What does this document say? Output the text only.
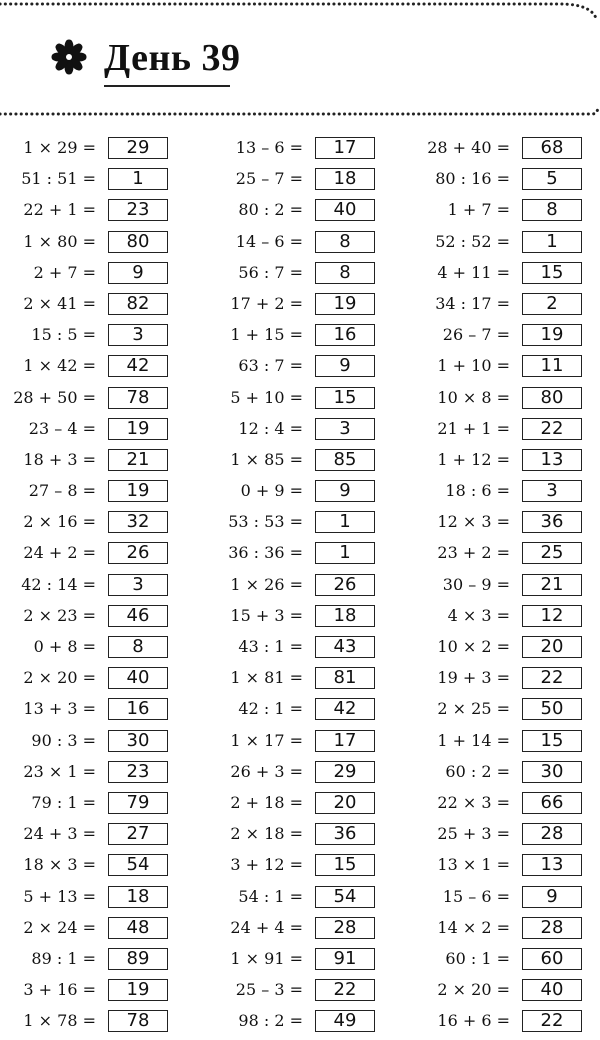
День 39
1 × 29 =	29
51 : 51 =	1
22 + 1 =	23
1 × 80 =	80
2 + 7 =	9
2 × 41 =	82
15 : 5 =	3
1 × 42 =	42
28 + 50 =	78
23 – 4 =	19
18 + 3 =	21
27 – 8 =	19
2 × 16 =	32
24 + 2 =	26
42 : 14 =	3
2 × 23 =	46
0 + 8 =	8
2 × 20 =	40
13 + 3 =	16
90 : 3 =	30
23 × 1 =	23
79 : 1 =	79
24 + 3 =	27
18 × 3 =	54
5 + 13 =	18
2 × 24 =	48
89 : 1 =	89
3 + 16 =	19
1 × 78 =	78
13 – 6 =	17
25 – 7 =	18
80 : 2 =	40
14 – 6 =	8
56 : 7 =	8
17 + 2 =	19
1 + 15 =	16
63 : 7 =	9
5 + 10 =	15
12 : 4 =	3
1 × 85 =	85
0 + 9 =	9
53 : 53 =	1
36 : 36 =	1
1 × 26 =	26
15 + 3 =	18
43 : 1 =	43
1 × 81 =	81
42 : 1 =	42
1 × 17 =	17
26 + 3 =	29
2 + 18 =	20
2 × 18 =	36
3 + 12 =	15
54 : 1 =	54
24 + 4 =	28
1 × 91 =	91
25 – 3 =	22
98 : 2 =	49
28 + 40 =	68
80 : 16 =	5
1 + 7 =	8
52 : 52 =	1
4 + 11 =	15
34 : 17 =	2
26 – 7 =	19
1 + 10 =	11
10 × 8 =	80
21 + 1 =	22
1 + 12 =	13
18 : 6 =	3
12 × 3 =	36
23 + 2 =	25
30 – 9 =	21
4 × 3 =	12
10 × 2 =	20
19 + 3 =	22
2 × 25 =	50
1 + 14 =	15
60 : 2 =	30
22 × 3 =	66
25 + 3 =	28
13 × 1 =	13
15 – 6 =	9
14 × 2 =	28
60 : 1 =	60
2 × 20 =	40
16 + 6 =	22
